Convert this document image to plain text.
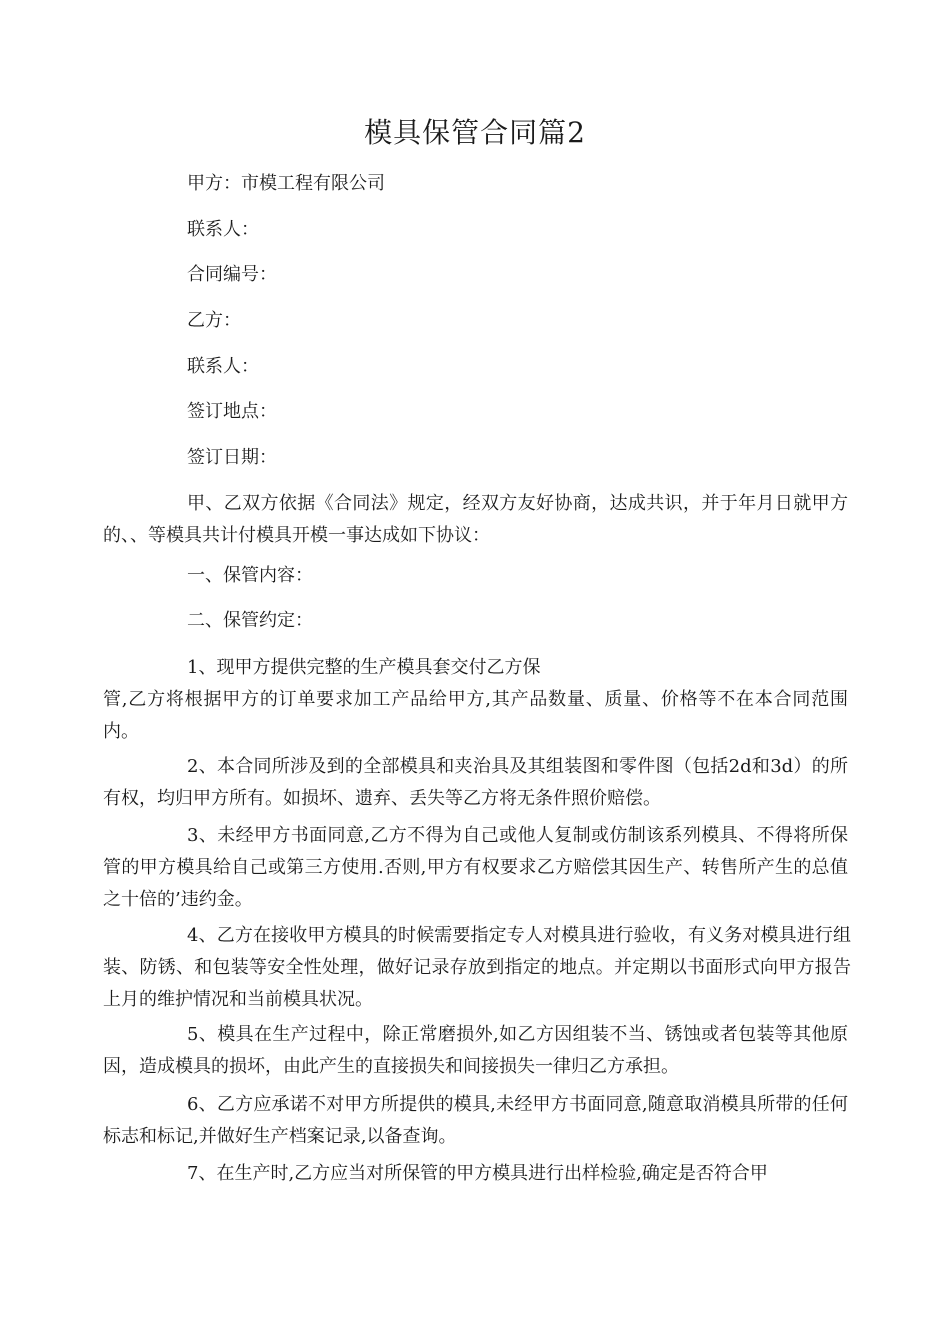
模具保管合同篇2
甲方：市模工程有限公司
联系人：
合同编号：
乙方：
联系人：
签订地点：
签订日期：

甲、乙双方依据《合同法》规定，经双方友好协商，达成共识，并于年月日就甲方的、、等模具共计付模具开模一事达成如下协议：

一、保管内容：
二、保管约定：

1、现甲方提供完整的生产模具套交付乙方保
管,乙方将根据甲方的订单要求加工产品给甲方,其产品数量、质量、价格等不在本合同范围内。

2、本合同所涉及到的全部模具和夹治具及其组装图和零件图（包括2d和3d）的所有权，均归甲方所有。如损坏、遗弃、丢失等乙方将无条件照价赔偿。

3、未经甲方书面同意,乙方不得为自己或他人复制或仿制该系列模具、不得将所保管的甲方模具给自己或第三方使用.否则,甲方有权要求乙方赔偿其因生产、转售所产生的总值之十倍的’违约金。

4、乙方在接收甲方模具的时候需要指定专人对模具进行验收，有义务对模具进行组装、防锈、和包装等安全性处理，做好记录存放到指定的地点。并定期以书面形式向甲方报告上月的维护情况和当前模具状况。

5、模具在生产过程中，除正常磨损外,如乙方因组装不当、锈蚀或者包装等其他原因，造成模具的损坏，由此产生的直接损失和间接损失一律归乙方承担。

6、乙方应承诺不对甲方所提供的模具,未经甲方书面同意,随意取消模具所带的任何标志和标记,并做好生产档案记录,以备查询。

7、在生产时,乙方应当对所保管的甲方模具进行出样检验,确定是否符合甲
